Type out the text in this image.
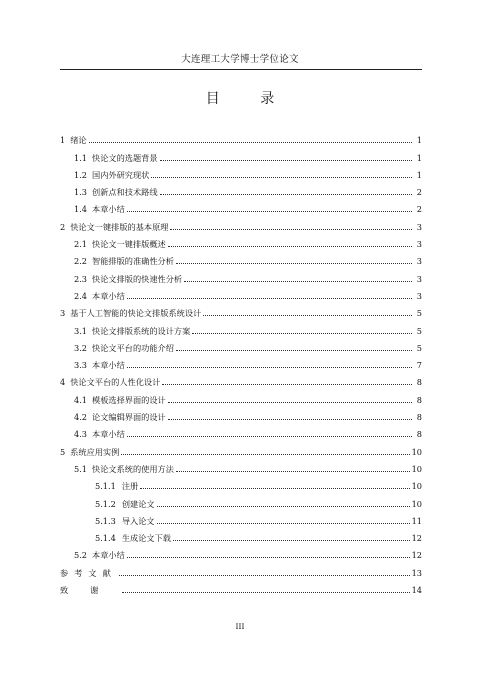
大连理工大学博士学位论文
目 录
1 绪论	1
1.1 快论文的选题背景	1
1.2 国内外研究现状	1
1.3 创新点和技术路线	2
1.4 本章小结	2
2 快论文一键排版的基本原理	3
2.1 快论文一键排版概述	3
2.2 智能排版的准确性分析	3
2.3 快论文排版的快速性分析	3
2.4 本章小结	3
3 基于人工智能的快论文排版系统设计	5
3.1 快论文排版系统的设计方案	5
3.2 快论文平台的功能介绍	5
3.3 本章小结	7
4 快论文平台的人性化设计	8
4.1 模板选择界面的设计	8
4.2 论文编辑界面的设计	8
4.3 本章小结	8
5 系统应用实例	10
5.1 快论文系统的使用方法	10
5.1.1 注册	10
5.1.2 创建论文	10
5.1.3 导入论文	11
5.1.4 生成论文下载	12
5.2 本章小结	12
参考文献	13
致谢	14
III
